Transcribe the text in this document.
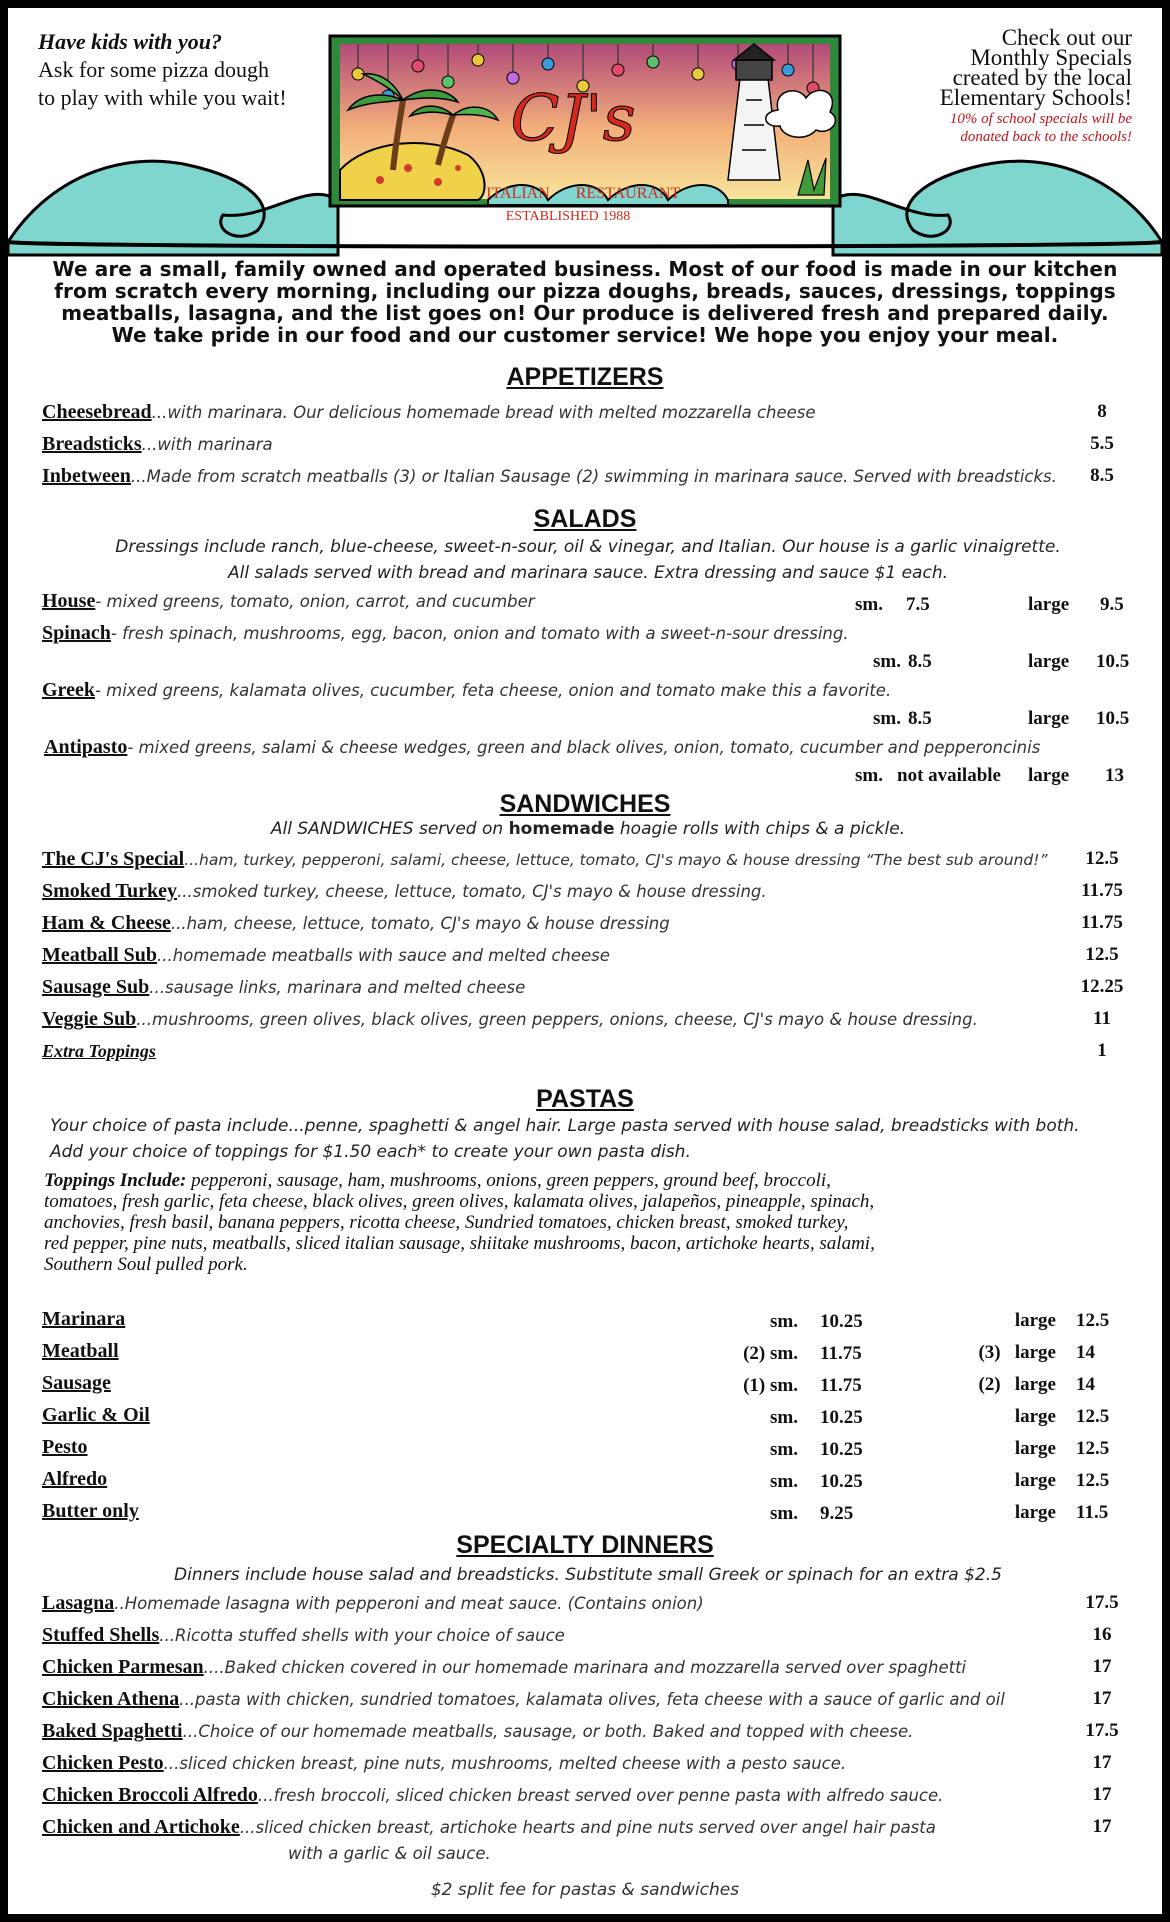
CJ's
ITALIAN RESTAURANT
ESTABLISHED 1988
Have kids with you?
Ask for some pizza dough
to play with while you wait!
Check out our
Monthly Specials
created by the local
Elementary Schools!
10% of school specials will be
donated back to the schools!
We are a small, family owned and operated business. Most of our food is made in our kitchen
from scratch every morning, including our pizza doughs, breads, sauces, dressings, toppings
meatballs, lasagna, and the list goes on! Our produce is delivered fresh and prepared daily.
We take pride in our food and our customer service! We hope you enjoy your meal.
APPETIZERS
Cheesebread...with marinara. Our delicious homemade bread with melted mozzarella cheese	8
Breadsticks...with marinara	5.5
Inbetween...Made from scratch meatballs (3) or Italian Sausage (2) swimming in marinara sauce. Served with breadsticks.	8.5
SALADS
Dressings include ranch, blue-cheese, sweet-n-sour, oil & vinegar, and Italian. Our house is a garlic vinaigrette.
All salads served with bread and marinara sauce. Extra dressing and sauce $1 each.
House- mixed greens, tomato, onion, carrot, and cucumber	sm. 7.5	large 9.5
Spinach- fresh spinach, mushrooms, egg, bacon, onion and tomato with a sweet-n-sour dressing.
sm. 8.5	large 10.5
Greek- mixed greens, kalamata olives, cucumber, feta cheese, onion and tomato make this a favorite.
sm. 8.5	large 10.5
Antipasto- mixed greens, salami & cheese wedges, green and black olives, onion, tomato, cucumber and pepperoncinis
sm. not available large 13
SANDWICHES
All SANDWICHES served on homemade hoagie rolls with chips & a pickle.
The CJ's Special...ham, turkey, pepperoni, salami, cheese, lettuce, tomato, CJ's mayo & house dressing “The best sub around!”	12.5
Smoked Turkey...smoked turkey, cheese, lettuce, tomato, CJ's mayo & house dressing.	11.75
Ham & Cheese...ham, cheese, lettuce, tomato, CJ's mayo & house dressing	11.75
Meatball Sub...homemade meatballs with sauce and melted cheese	12.5
Sausage Sub...sausage links, marinara and melted cheese	12.25
Veggie Sub...mushrooms, green olives, black olives, green peppers, onions, cheese, CJ's mayo & house dressing.	11
Extra Toppings	1
PASTAS
Your choice of pasta include...penne, spaghetti & angel hair. Large pasta served with house salad, breadsticks with both.
Add your choice of toppings for $1.50 each* to create your own pasta dish.
Toppings Include: pepperoni, sausage, ham, mushrooms, onions, green peppers, ground beef, broccoli,
tomatoes, fresh garlic, feta cheese, black olives, green olives, kalamata olives, jalapeños, pineapple, spinach,
anchovies, fresh basil, banana peppers, ricotta cheese, Sundried tomatoes, chicken breast, smoked turkey,
red pepper, pine nuts, meatballs, sliced italian sausage, shiitake mushrooms, bacon, artichoke hearts, salami,
Southern Soul pulled pork.
Marinara	sm. 10.25	large 12.5
Meatball	(2) sm. 11.75	(3)   large 14
Sausage	(1) sm. 11.75	(2)   large 14
Garlic & Oil	sm. 10.25	large 12.5
Pesto	sm. 10.25	large 12.5
Alfredo	sm. 10.25	large 12.5
Butter only	sm. 9.25	large 11.5
SPECIALTY DINNERS
Dinners include house salad and breadsticks. Substitute small Greek or spinach for an extra $2.5
Lasagna..Homemade lasagna with pepperoni and meat sauce. (Contains onion)	17.5
Stuffed Shells...Ricotta stuffed shells with your choice of sauce	16
Chicken Parmesan....Baked chicken covered in our homemade marinara and mozzarella served over spaghetti	17
Chicken Athena...pasta with chicken, sundried tomatoes, kalamata olives, feta cheese with a sauce of garlic and oil	17
Baked Spaghetti...Choice of our homemade meatballs, sausage, or both. Baked and topped with cheese.	17.5
Chicken Pesto...sliced chicken breast, pine nuts, mushrooms, melted cheese with a pesto sauce.	17
Chicken Broccoli Alfredo...fresh broccoli, sliced chicken breast served over penne pasta with alfredo sauce.	17
Chicken and Artichoke...sliced chicken breast, artichoke hearts and pine nuts served over angel hair pasta	17
with a garlic & oil sauce.
$2 split fee for pastas & sandwiches
